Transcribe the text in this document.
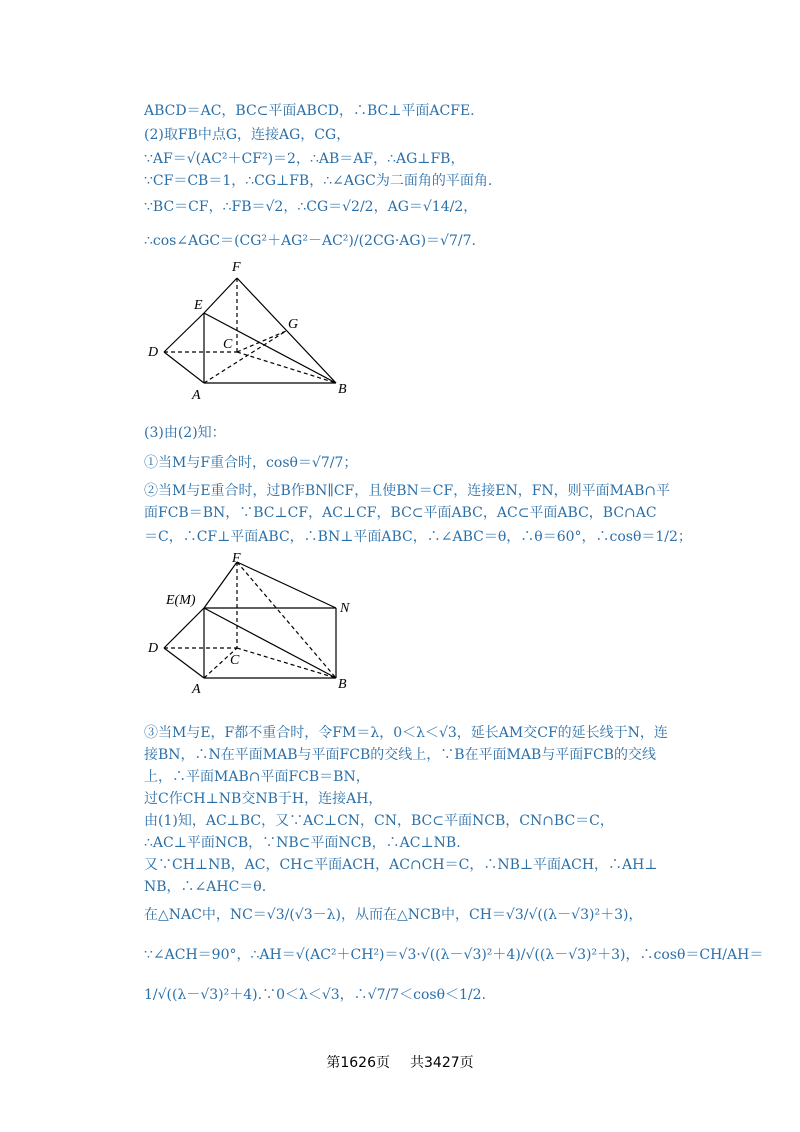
ABCD＝AC，BC⊂平面ABCD，∴BC⊥平面ACFE.
(2)取FB中点G，连接AG，CG，
∵AF＝√(AC²＋CF²)＝2，∴AB＝AF，∴AG⊥FB，
∵CF＝CB＝1，∴CG⊥FB，∴∠AGC为二面角的平面角.
∵BC＝CF，∴FB＝√2，∴CG＝√2/2，AG＝√14/2，
∴cos∠AGC＝(CG²＋AG²－AC²)/(2CG·AG)＝√7/7.
F
E
G
D
C
A	B
(3)由(2)知：
①当M与F重合时，cosθ＝√7/7；
②当M与E重合时，过B作BN∥CF，且使BN＝CF，连接EN，FN，则平面MAB∩平
面FCB＝BN，∵BC⊥CF，AC⊥CF，BC⊂平面ABC，AC⊂平面ABC，BC∩AC
＝C，∴CF⊥平面ABC，∴BN⊥平面ABC，∴∠ABC＝θ，∴θ＝60°，∴cosθ＝1/2；
F
E(M)
N
D
C
A	B
③当M与E，F都不重合时，令FM＝λ，0＜λ＜√3，延长AM交CF的延长线于N，连
接BN，∴N在平面MAB与平面FCB的交线上，∵B在平面MAB与平面FCB的交线
上，∴平面MAB∩平面FCB＝BN，
过C作CH⊥NB交NB于H，连接AH，
由(1)知，AC⊥BC，又∵AC⊥CN，CN，BC⊂平面NCB，CN∩BC＝C，
∴AC⊥平面NCB，∵NB⊂平面NCB，∴AC⊥NB.
又∵CH⊥NB，AC，CH⊂平面ACH，AC∩CH＝C，∴NB⊥平面ACH，∴AH⊥
NB，∴∠AHC＝θ.
在△NAC中，NC＝√3/(√3－λ)，从而在△NCB中，CH＝√3/√((λ－√3)²＋3)，
∵∠ACH＝90°，∴AH＝√(AC²＋CH²)＝√3·√((λ－√3)²＋4)/√((λ－√3)²＋3)，∴cosθ＝CH/AH＝
1/√((λ－√3)²＋4).∵0＜λ＜√3，∴√7/7＜cosθ＜1/2.
第1626页 共3427页
